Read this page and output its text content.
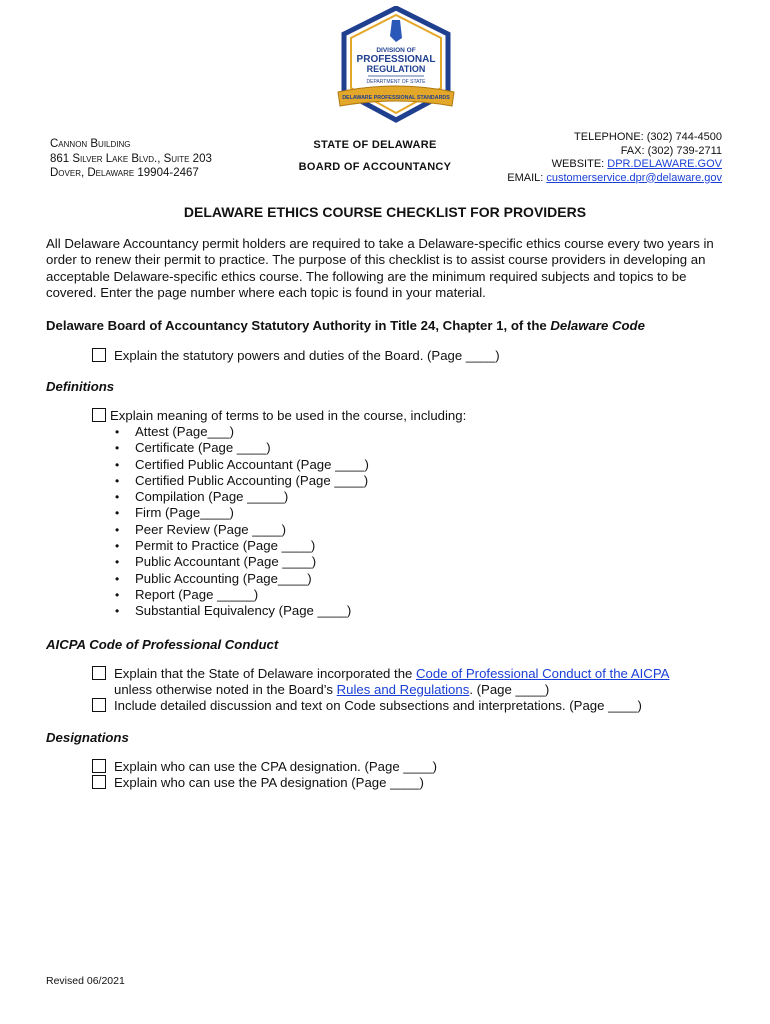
DIVISION OF
PROFESSIONAL
REGULATION
DEPARTMENT OF STATE
DELAWARE PROFESSIONAL STANDARDS
Cannon Building
861 Silver Lake Blvd., Suite 203
Dover, Delaware 19904-2467
STATE OF DELAWARE
BOARD OF ACCOUNTANCY
TELEPHONE: (302) 744-4500
FAX: (302) 739-2711
WEBSITE: DPR.DELAWARE.GOV
EMAIL: customerservice.dpr@delaware.gov
DELAWARE ETHICS COURSE CHECKLIST FOR PROVIDERS
All Delaware Accountancy permit holders are required to take a Delaware-specific ethics course every two years in order to renew their permit to practice. The purpose of this checklist is to assist course providers in developing an acceptable Delaware-specific ethics course. The following are the minimum required subjects and topics to be covered. Enter the page number where each topic is found in your material.
Delaware Board of Accountancy Statutory Authority in Title 24, Chapter 1, of the Delaware Code
Explain the statutory powers and duties of the Board. (Page ____)
Definitions
Explain meaning of terms to be used in the course, including:
• Attest (Page___)
• Certificate (Page ____)
• Certified Public Accountant (Page ____)
• Certified Public Accounting (Page ____)
• Compilation (Page _____)
• Firm (Page____)
• Peer Review (Page ____)
• Permit to Practice (Page ____)
• Public Accountant (Page ____)
• Public Accounting (Page____)
• Report (Page _____)
• Substantial Equivalency (Page ____)
AICPA Code of Professional Conduct
Explain that the State of Delaware incorporated the Code of Professional Conduct of the AICPA
unless otherwise noted in the Board’s Rules and Regulations. (Page ____)
Include detailed discussion and text on Code subsections and interpretations. (Page ____)
Designations
Explain who can use the CPA designation. (Page ____)
Explain who can use the PA designation (Page ____)
Revised 06/2021
